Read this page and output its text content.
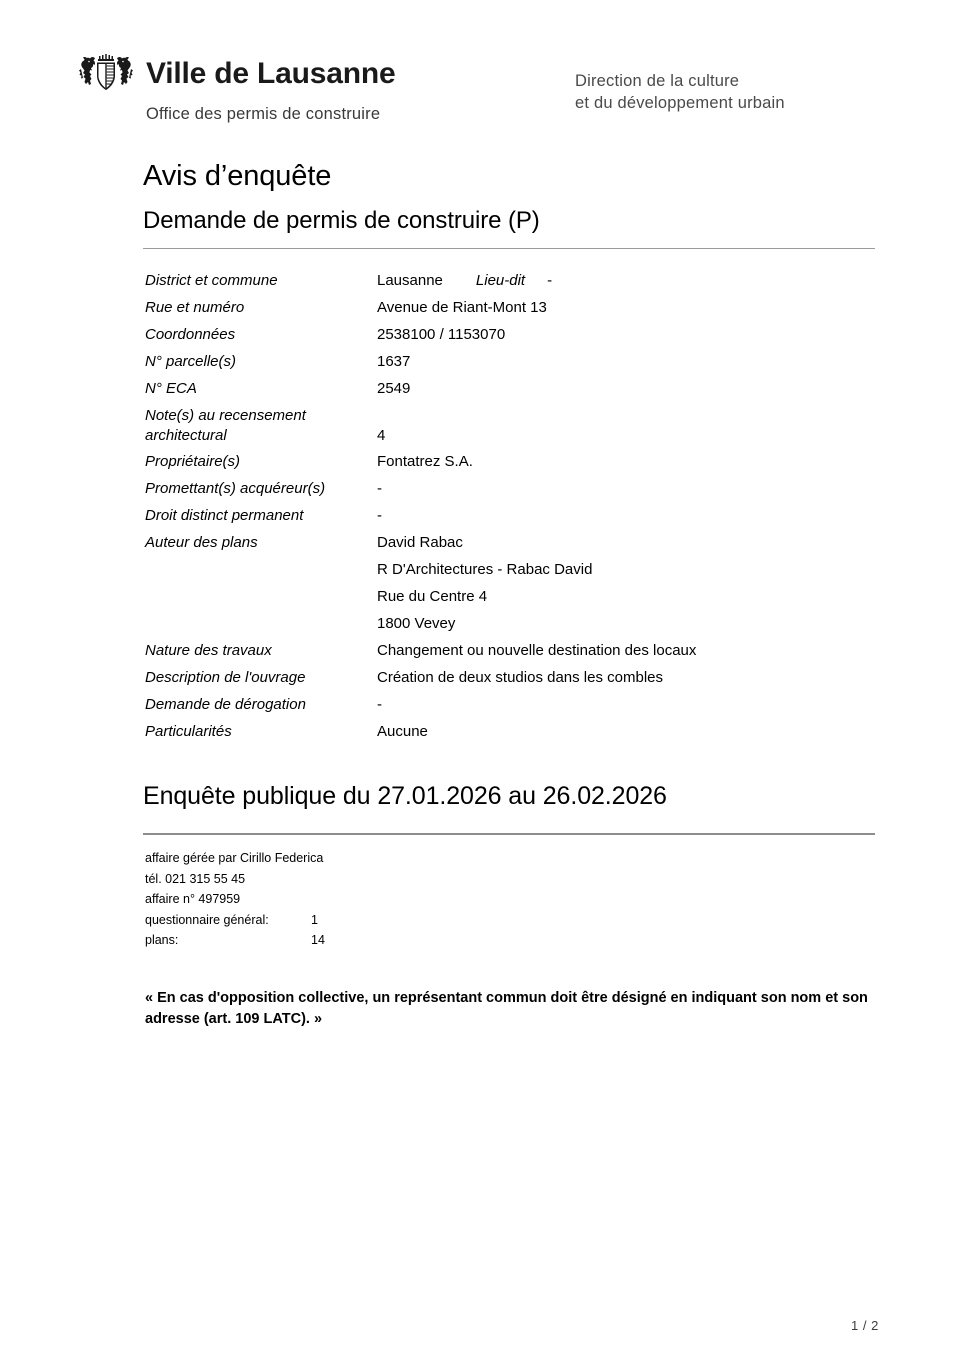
Ville de Lausanne
Office des permis de construire
Direction de la culture
et du développement urbain
Avis d’enquête
Demande de permis de construire (P)
District et commune	Lausanne Lieu-dit -
Rue et numéro	Avenue de Riant-Mont 13
Coordonnées	2538100 / 1153070
N° parcelle(s)	1637
N° ECA	2549
Note(s) au recensement
architectural	4
Propriétaire(s)	Fontatrez S.A.
Promettant(s) acquéreur(s)	-
Droit distinct permanent	-
Auteur des plans	David Rabac
R D'Architectures - Rabac David
Rue du Centre 4
1800 Vevey
Nature des travaux	Changement ou nouvelle destination des locaux
Description de l'ouvrage	Création de deux studios dans les combles
Demande de dérogation	-
Particularités	Aucune
Enquête publique du 27.01.2026 au 26.02.2026
affaire gérée par Cirillo Federica
tél. 021 315 55 45
affaire n° 497959
questionnaire général:	1
plans:	14
« En cas d'opposition collective, un représentant commun doit être désigné en indiquant son nom et son adresse (art. 109 LATC). »
1 / 2
